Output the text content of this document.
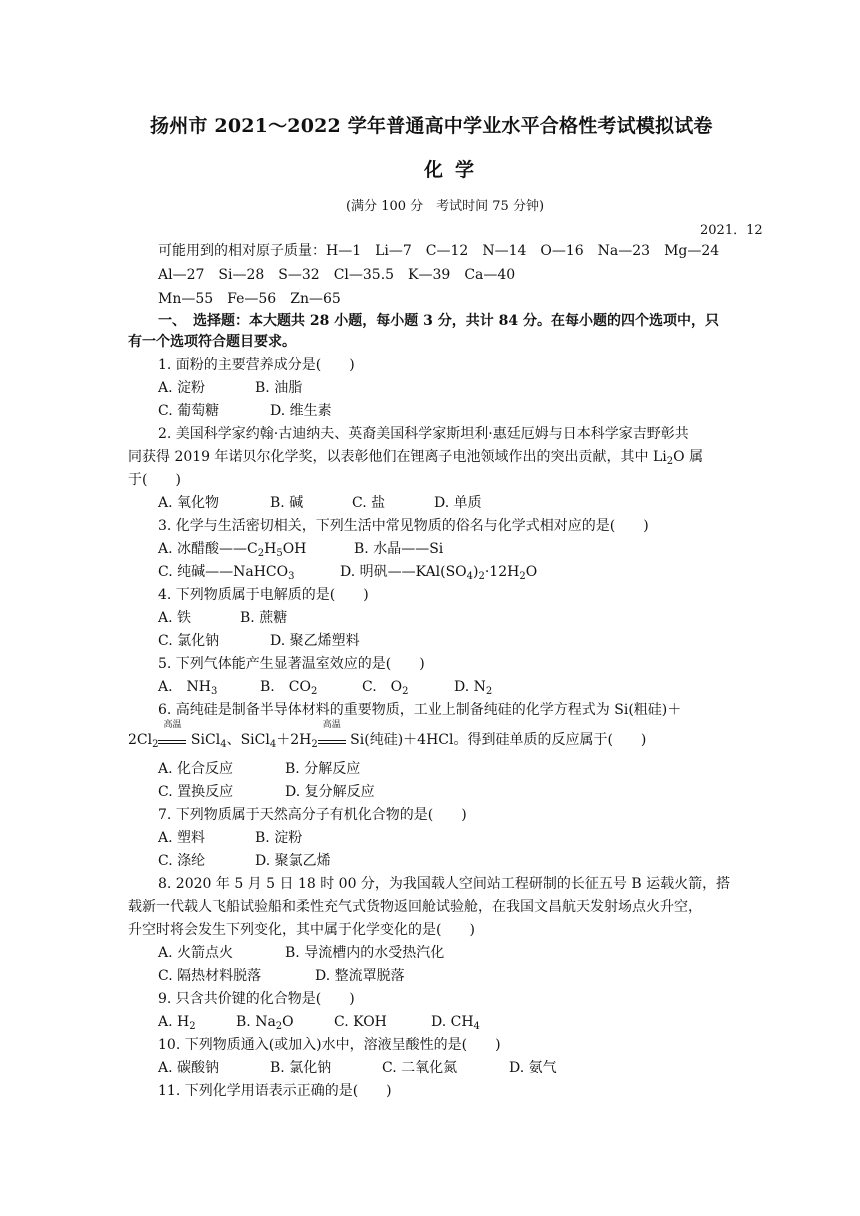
扬州市 2021～2022 学年普通高中学业水平合格性考试模拟试卷
化学
(满分 100 分　考试时间 75 分钟)
2021．12
可能用到的相对原子质量：H—1　Li—7　C—12　N—14　O—16　Na—23　Mg—24
Al—27　Si—28　S—32　Cl—35.5　K—39　Ca—40
Mn—55　Fe—56　Zn—65
一、　选择题：本大题共 28 小题，每小题 3 分，共计 84 分。在每小题的四个选项中，只
有一个选项符合题目要求。
1. 面粉的主要营养成分是(　　)
A. 淀粉	B. 油脂
C. 葡萄糖	D. 维生素
2. 美国科学家约翰·古迪纳夫、英裔美国科学家斯坦利·惠廷厄姆与日本科学家吉野彰共
同获得 2019 年诺贝尔化学奖，以表彰他们在锂离子电池领域作出的突出贡献，其中 $Li_2O$ 属
于(　　)
A. 氧化物	B. 碱	C. 盐	D. 单质
3. 化学与生活密切相关，下列生活中常见物质的俗名与化学式相对应的是(　　)
A. 冰醋酸$——C_2H_5OH$	B. 水晶——Si
C. 纯碱——NaHCO$_3$	D. 明矾$——KAl(SO_4)_2\cdot 12H_2O$
4. 下列物质属于电解质的是(　　)
A. 铁	B. 蔗糖
C. 氯化钠	D. 聚乙烯塑料
5. 下列气体能产生显著温室效应的是(　　)
A.　$NH_3$	B.　$CO_2$	C.　$O_2$	D. $N_2$
6. 高纯硅是制备半导体材料的重要物质，工业上制备纯硅的化学方程式为 Si(粗硅)＋
$2Cl_2$
高温
SiCl$_4$、$SiCl_4+2H_2$
高温
Si(纯硅)＋4HCl。得到硅单质的反应属于(　　)
A. 化合反应	B. 分解反应
C. 置换反应	D. 复分解反应
7. 下列物质属于天然高分子有机化合物的是(　　)
A. 塑料	B. 淀粉
C. 涤纶	D. 聚氯乙烯
8. 2020 年 5 月 5 日 18 时 00 分，为我国载人空间站工程研制的长征五号 B 运载火箭，搭
载新一代载人飞船试验船和柔性充气式货物返回舱试验舱，在我国文昌航天发射场点火升空，
升空时将会发生下列变化，其中属于化学变化的是(　　)
A. 火箭点火	B. 导流槽内的水受热汽化
C. 隔热材料脱落	D. 整流罩脱落
9. 只含共价键的化合物是(　　)
A. $H_2$	B. $Na_2O$	C. KOH	D. $CH_4$
10. 下列物质通入(或加入)水中，溶液呈酸性的是(　　)
A. 碳酸钠	B. 氯化钠	C. 二氧化氮	D. 氨气
11. 下列化学用语表示正确的是(　　)
